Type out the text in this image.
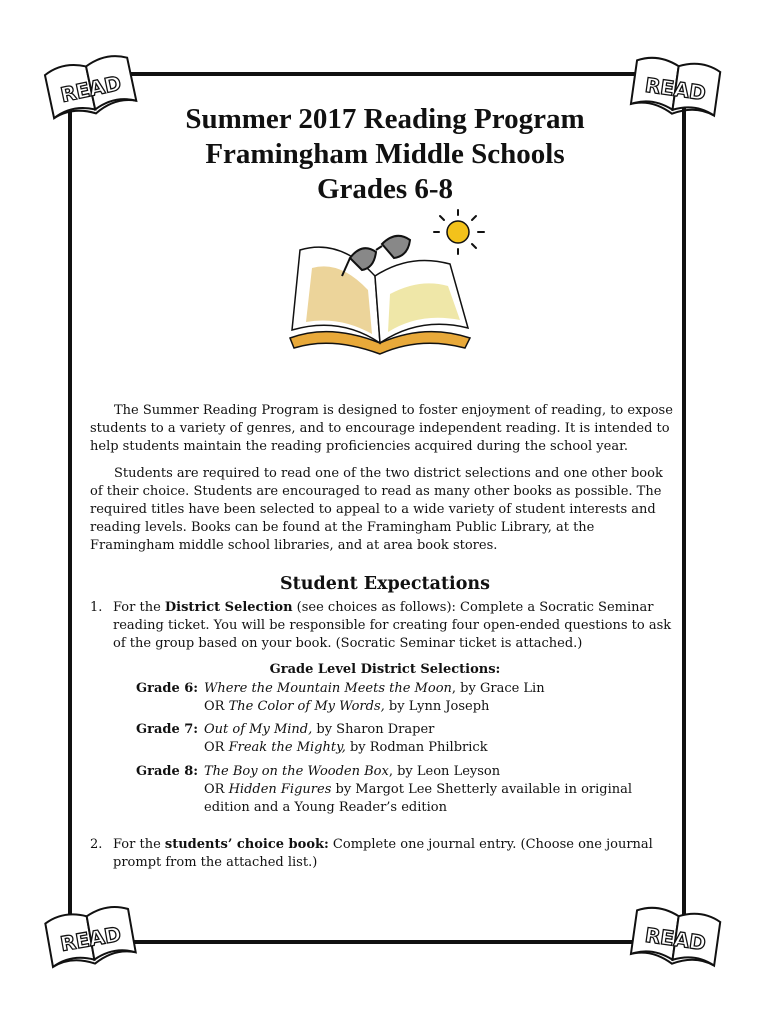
READ	READ
READ	READ
Summer 2017 Reading Program
Framingham Middle Schools
Grades 6-8

The Summer Reading Program is designed to foster enjoyment of reading, to expose students to a variety of genres, and to encourage independent reading. It is intended to help students maintain the reading proficiencies acquired during the school year.

Students are required to read one of the two district selections and one other book of their choice. Students are encouraged to read as many other books as possible. The required titles have been selected to appeal to a wide variety of student interests and reading levels. Books can be found at the Framingham Public Library, at the Framingham middle school libraries, and at area book stores.

Student Expectations
1. For the District Selection (see choices as follows): Complete a Socratic Seminar reading ticket. You will be responsible for creating four open-ended questions to ask of the group based on your book. (Socratic Seminar ticket is attached.)
Grade Level District Selections:
Grade 6: Where the Mountain Meets the Moon, by Grace Lin
OR The Color of My Words, by Lynn Joseph
Grade 7: Out of My Mind, by Sharon Draper
OR Freak the Mighty, by Rodman Philbrick
Grade 8: The Boy on the Wooden Box, by Leon Leyson
OR Hidden Figures by Margot Lee Shetterly available in original edition and a Young Reader’s edition
2. For the students’ choice book: Complete one journal entry. (Choose one journal prompt from the attached list.)
